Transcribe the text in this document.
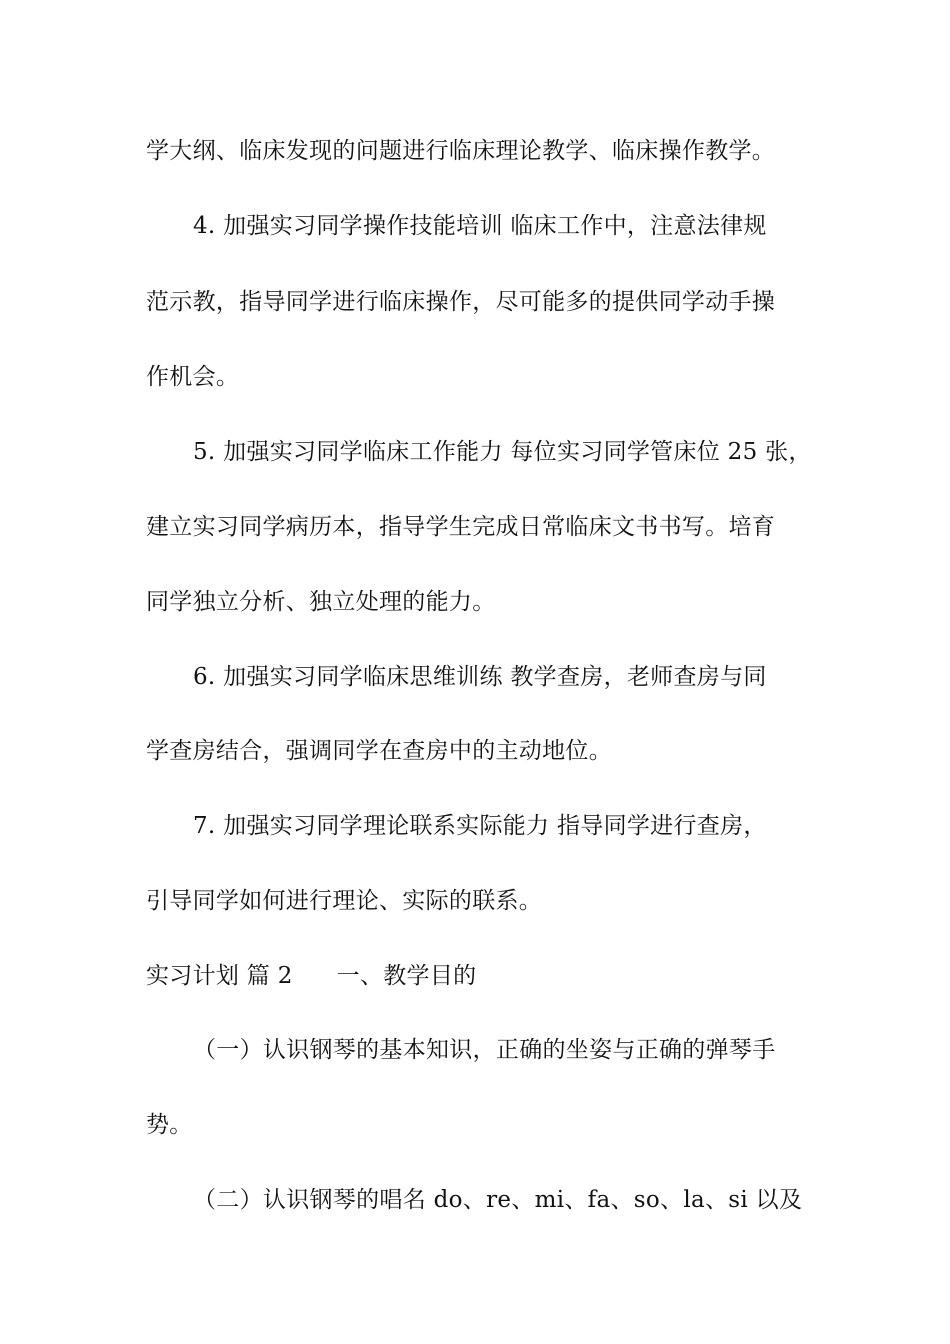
学大纲、临床发现的问题进行临床理论教学、临床操作教学。
4. 加强实习同学操作技能培训 临床工作中，注意法律规
范示教，指导同学进行临床操作，尽可能多的提供同学动手操
作机会。
5. 加强实习同学临床工作能力 每位实习同学管床位 25 张，
建立实习同学病历本，指导学生完成日常临床文书书写。培育
同学独立分析、独立处理的能力。
6. 加强实习同学临床思维训练 教学查房，老师查房与同
学查房结合，强调同学在查房中的主动地位。
7. 加强实习同学理论联系实际能力 指导同学进行查房，
引导同学如何进行理论、实际的联系。
实习计划 篇 2 一、教学目的
（一）认识钢琴的基本知识，正确的坐姿与正确的弹琴手
势。
（二）认识钢琴的唱名 do、re、mi、fa、so、la、si 以及
